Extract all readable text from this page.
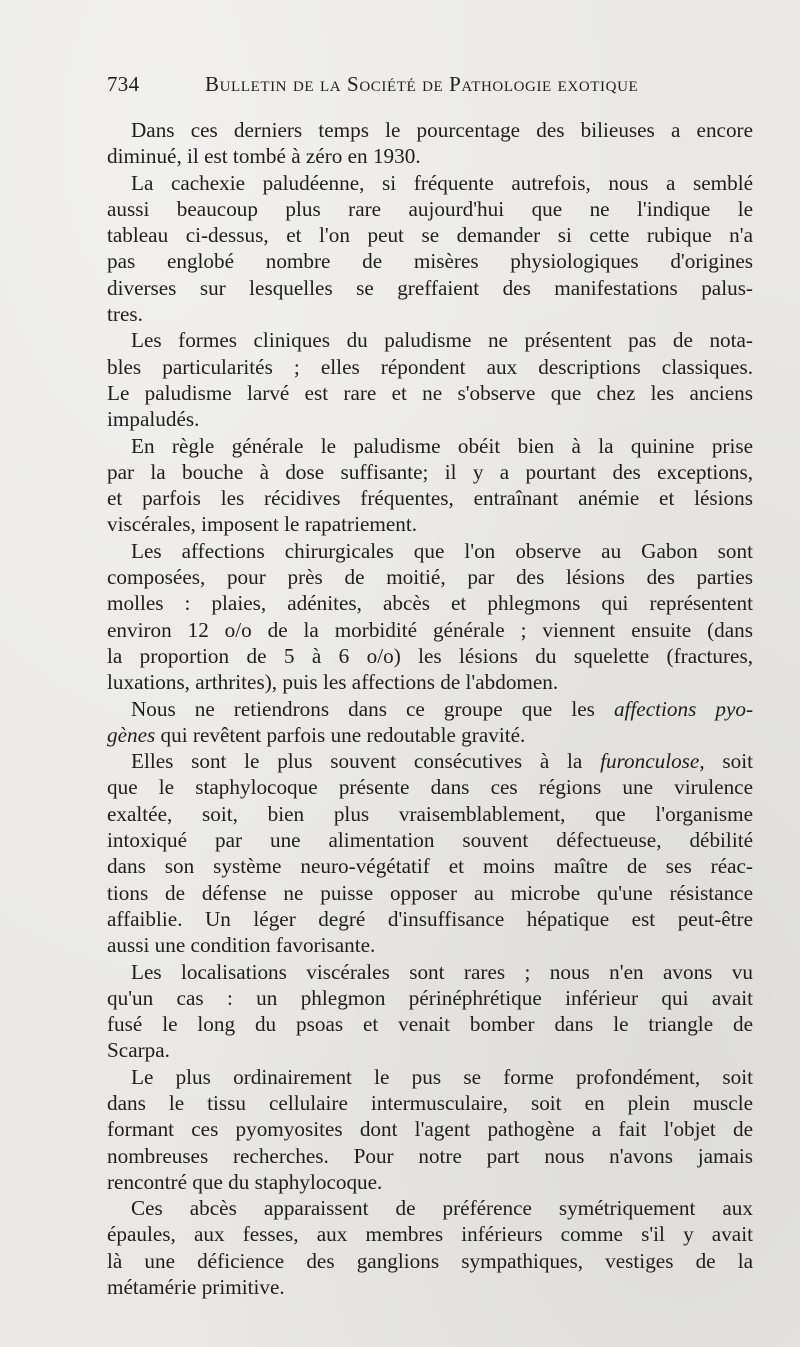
734	Bulletin de la Société de Pathologie exotique
Dans ces derniers temps le pourcentage des bilieuses a encore
diminué, il est tombé à zéro en 1930.
La cachexie paludéenne, si fréquente autrefois, nous a semblé
aussi beaucoup plus rare aujourd'hui que ne l'indique le
tableau ci-dessus, et l'on peut se demander si cette rubique n'a
pas englobé nombre de misères physiologiques d'origines
diverses sur lesquelles se greffaient des manifestations palus-
tres.
Les formes cliniques du paludisme ne présentent pas de nota-
bles particularités ; elles répondent aux descriptions classiques.
Le paludisme larvé est rare et ne s'observe que chez les anciens
impaludés.
En règle générale le paludisme obéit bien à la quinine prise
par la bouche à dose suffisante; il y a pourtant des exceptions,
et parfois les récidives fréquentes, entraînant anémie et lésions
viscérales, imposent le rapatriement.
Les affections chirurgicales que l'on observe au Gabon sont
composées, pour près de moitié, par des lésions des parties
molles : plaies, adénites, abcès et phlegmons qui représentent
environ 12 o/o de la morbidité générale ; viennent ensuite (dans
la proportion de 5 à 6 o/o) les lésions du squelette (fractures,
luxations, arthrites), puis les affections de l'abdomen.
Nous ne retiendrons dans ce groupe que les affections pyo-
gènes qui revêtent parfois une redoutable gravité.
Elles sont le plus souvent consécutives à la furonculose, soit
que le staphylocoque présente dans ces régions une virulence
exaltée, soit, bien plus vraisemblablement, que l'organisme
intoxiqué par une alimentation souvent défectueuse, débilité
dans son système neuro-végétatif et moins maître de ses réac-
tions de défense ne puisse opposer au microbe qu'une résistance
affaiblie. Un léger degré d'insuffisance hépatique est peut-être
aussi une condition favorisante.
Les localisations viscérales sont rares ; nous n'en avons vu
qu'un cas : un phlegmon périnéphrétique inférieur qui avait
fusé le long du psoas et venait bomber dans le triangle de
Scarpa.
Le plus ordinairement le pus se forme profondément, soit
dans le tissu cellulaire intermusculaire, soit en plein muscle
formant ces pyomyosites dont l'agent pathogène a fait l'objet de
nombreuses recherches. Pour notre part nous n'avons jamais
rencontré que du staphylocoque.
Ces abcès apparaissent de préférence symétriquement aux
épaules, aux fesses, aux membres inférieurs comme s'il y avait
là une déficience des ganglions sympathiques, vestiges de la
métamérie primitive.
